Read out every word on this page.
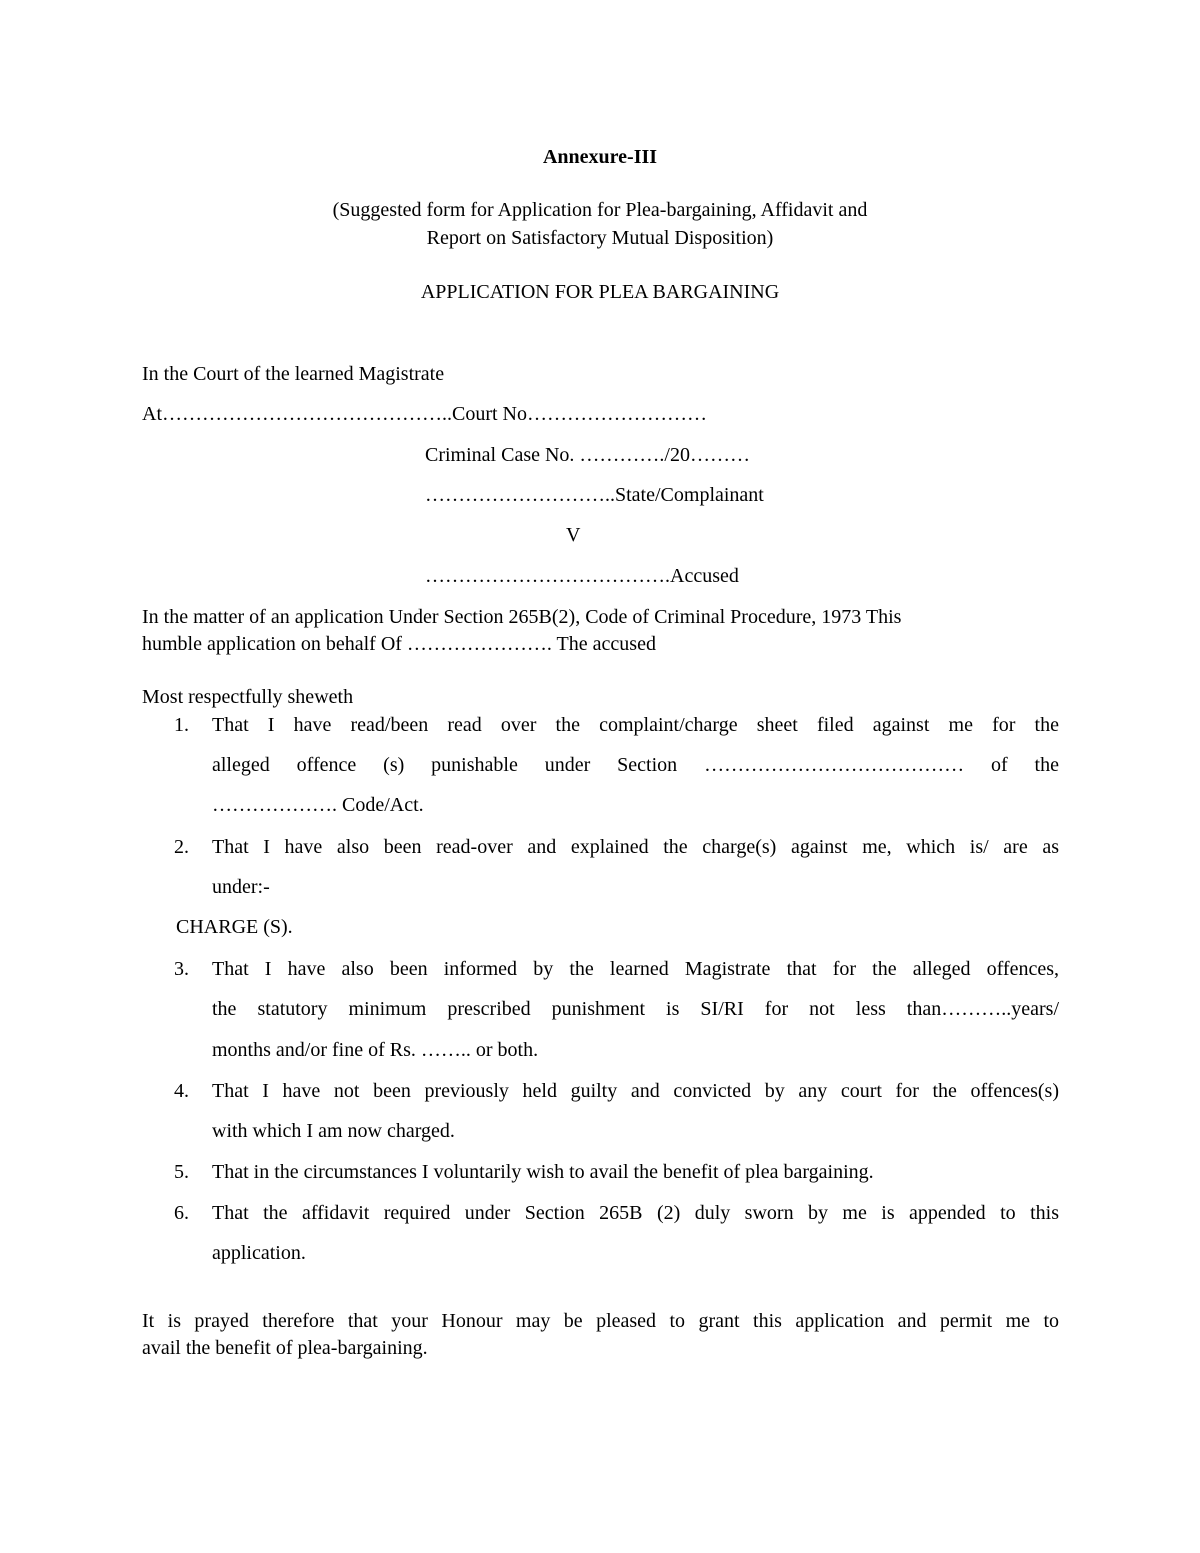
Annexure-III
(Suggested form for Application for Plea-bargaining, Affidavit and
Report on Satisfactory Mutual Disposition)
APPLICATION FOR PLEA BARGAINING
In the Court of the learned Magistrate
At……………………………………..Court No………………………
Criminal Case No. …………./20………
………………………..State/Complainant
V
……………………………….Accused
In the matter of an application Under Section 265B(2), Code of Criminal Procedure, 1973 This
humble application on behalf Of …………………. The accused
Most respectfully sheweth
1. That I have read/been read over the complaint/charge sheet filed against me for the
alleged offence (s) punishable under Section ………………………………… of the
………………. Code/Act.
2. That I have also been read-over and explained the charge(s) against me, which is/ are as
under:-
CHARGE (S).
3. That I have also been informed by the learned Magistrate that for the alleged offences,
the statutory minimum prescribed punishment is SI/RI for not less than………..years/
months and/or fine of Rs. …….. or both.
4. That I have not been previously held guilty and convicted by any court for the offences(s)
with which I am now charged.
5. That in the circumstances I voluntarily wish to avail the benefit of plea bargaining.
6. That the affidavit required under Section 265B (2) duly sworn by me is appended to this
application.
It is prayed therefore that your Honour may be pleased to grant this application and permit me to
avail the benefit of plea-bargaining.
